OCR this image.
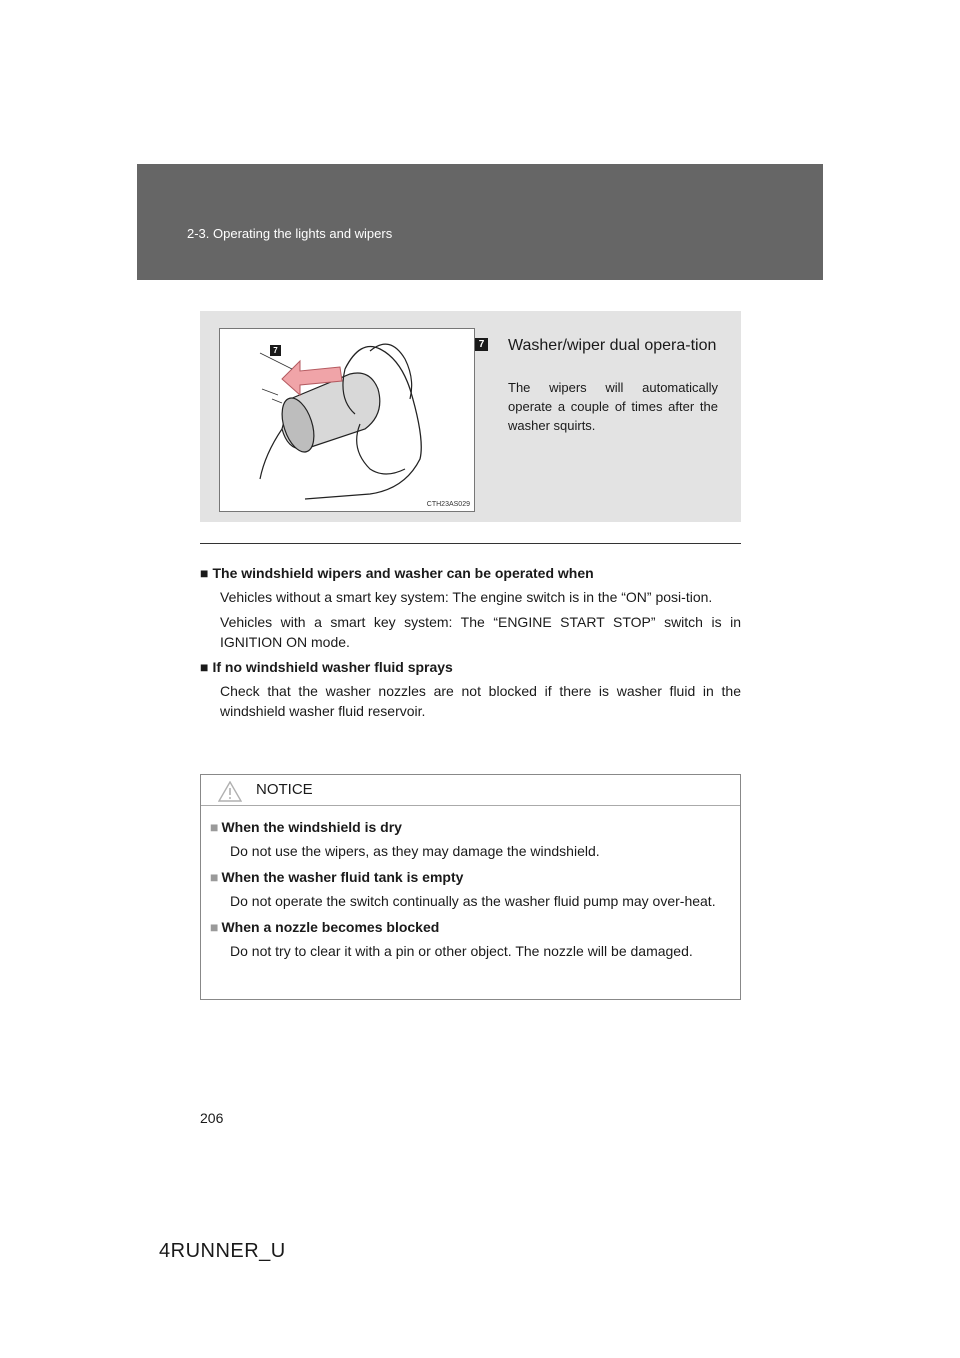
2-3. Operating the lights and wipers
CTH23AS029
7
7 Washer/wiper dual opera-tion
The wipers will automatically operate a couple of times after the washer squirts.
■ The windshield wipers and washer can be operated when
Vehicles without a smart key system: The engine switch is in the “ON” posi-tion.
Vehicles with a smart key system: The “ENGINE START STOP” switch is in IGNITION ON mode.
■ If no windshield washer fluid sprays
Check that the washer nozzles are not blocked if there is washer fluid in the windshield washer fluid reservoir.
NOTICE
■ When the windshield is dry
Do not use the wipers, as they may damage the windshield.
■ When the washer fluid tank is empty
Do not operate the switch continually as the washer fluid pump may over-heat.
■ When a nozzle becomes blocked
Do not try to clear it with a pin or other object. The nozzle will be damaged.
206
4RUNNER_U
